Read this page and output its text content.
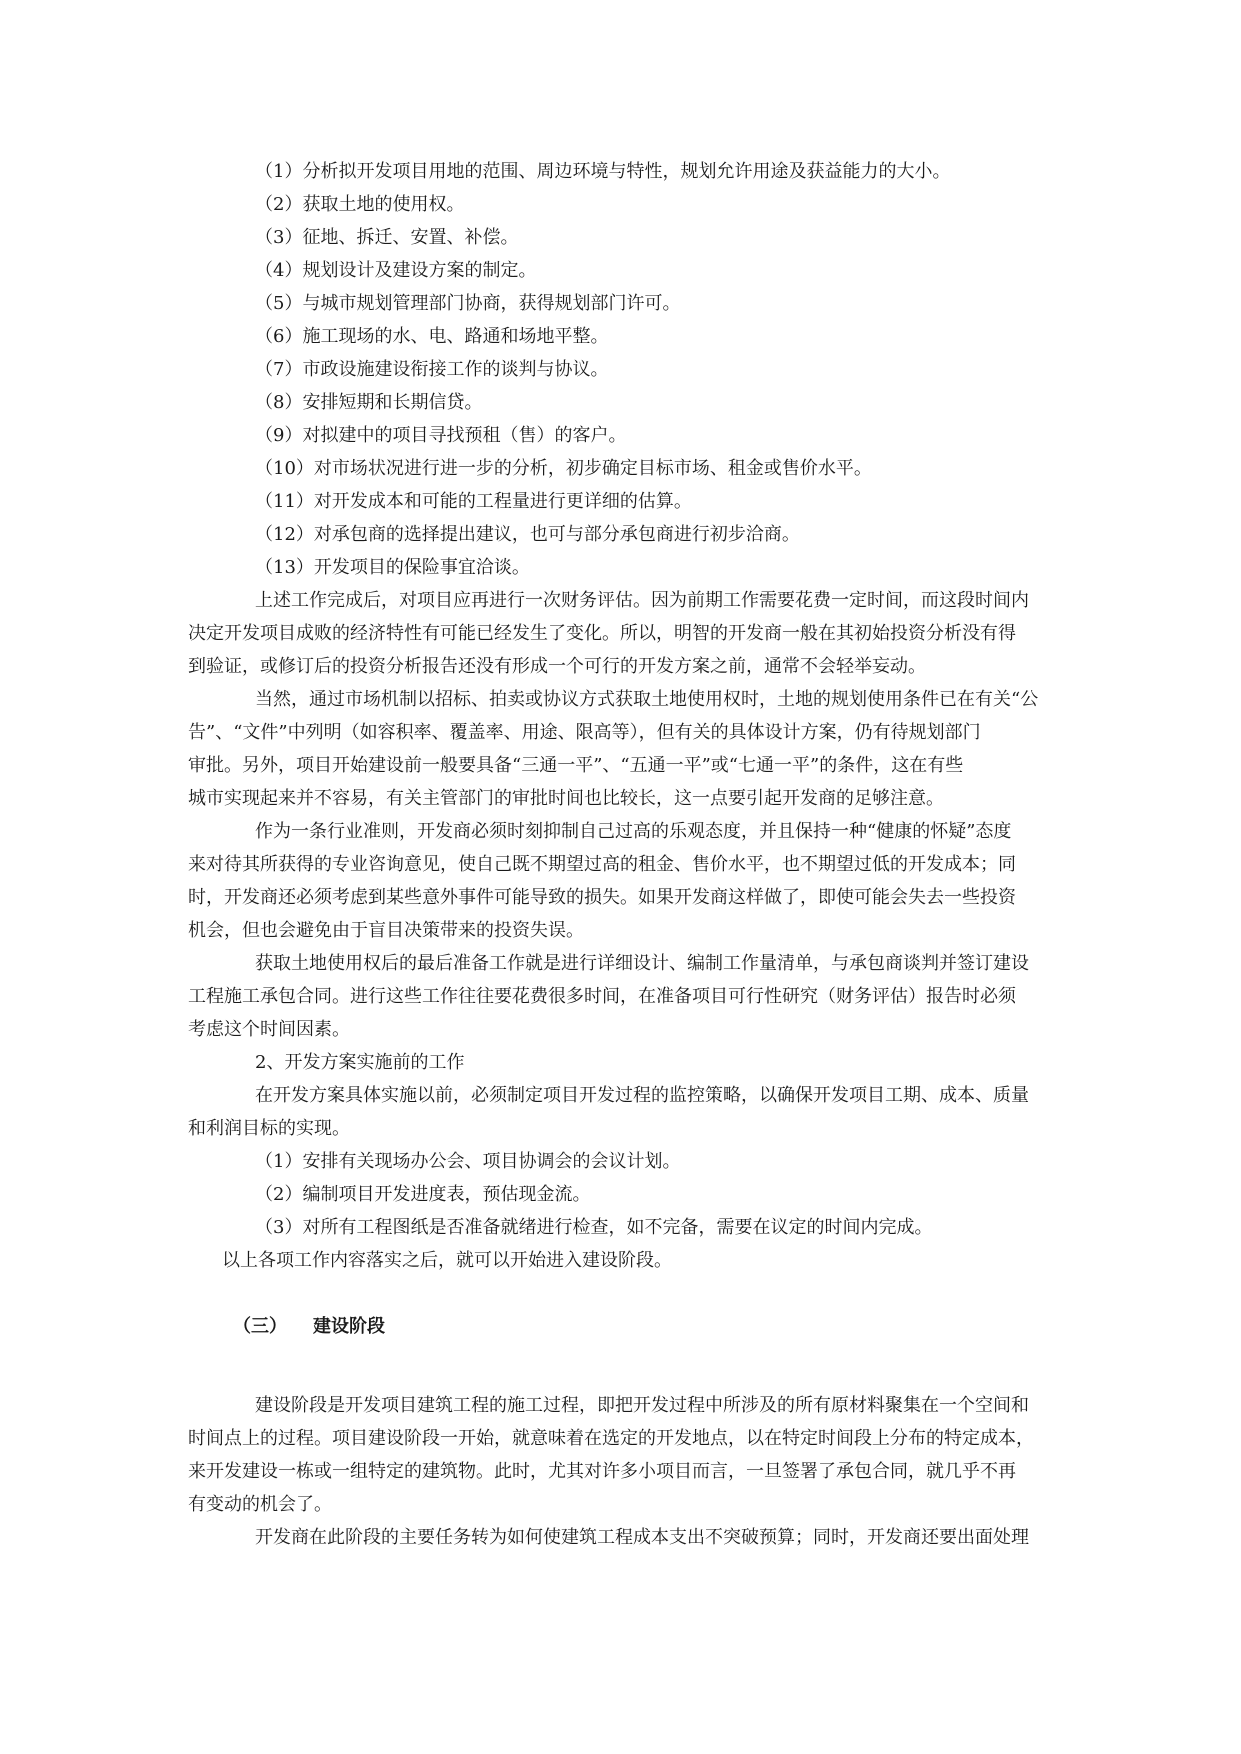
（1）分析拟开发项目用地的范围、周边环境与特性，规划允许用途及获益能力的大小。
（2）获取土地的使用权。
（3）征地、拆迁、安置、补偿。
（4）规划设计及建设方案的制定。
（5）与城市规划管理部门协商，获得规划部门许可。
（6）施工现场的水、电、路通和场地平整。
（7）市政设施建设衔接工作的谈判与协议。
（8）安排短期和长期信贷。
（9）对拟建中的项目寻找预租（售）的客户。
（10）对市场状况进行进一步的分析，初步确定目标市场、租金或售价水平。
（11）对开发成本和可能的工程量进行更详细的估算。
（12）对承包商的选择提出建议，也可与部分承包商进行初步洽商。
（13）开发项目的保险事宜洽谈。
上述工作完成后，对项目应再进行一次财务评估。因为前期工作需要花费一定时间，而这段时间内
决定开发项目成败的经济特性有可能已经发生了变化。所以，明智的开发商一般在其初始投资分析没有得
到验证，或修订后的投资分析报告还没有形成一个可行的开发方案之前，通常不会轻举妄动。
当然，通过市场机制以招标、拍卖或协议方式获取土地使用权时，土地的规划使用条件已在有关“公
告”、“文件”中列明（如容积率、覆盖率、用途、限高等），但有关的具体设计方案，仍有待规划部门
审批。另外，项目开始建设前一般要具备“三通一平”、“五通一平”或“七通一平”的条件，这在有些
城市实现起来并不容易，有关主管部门的审批时间也比较长，这一点要引起开发商的足够注意。
作为一条行业准则，开发商必须时刻抑制自己过高的乐观态度，并且保持一种“健康的怀疑”态度
来对待其所获得的专业咨询意见，使自己既不期望过高的租金、售价水平，也不期望过低的开发成本；同
时，开发商还必须考虑到某些意外事件可能导致的损失。如果开发商这样做了，即使可能会失去一些投资
机会，但也会避免由于盲目决策带来的投资失误。
获取土地使用权后的最后准备工作就是进行详细设计、编制工作量清单，与承包商谈判并签订建设
工程施工承包合同。进行这些工作往往要花费很多时间，在准备项目可行性研究（财务评估）报告时必须
考虑这个时间因素。
2、开发方案实施前的工作
在开发方案具体实施以前，必须制定项目开发过程的监控策略，以确保开发项目工期、成本、质量
和利润目标的实现。
（1）安排有关现场办公会、项目协调会的会议计划。
（2）编制项目开发进度表，预估现金流。
（3）对所有工程图纸是否准备就绪进行检查，如不完备，需要在议定的时间内完成。
以上各项工作内容落实之后，就可以开始进入建设阶段。
（三） 建设阶段
建设阶段是开发项目建筑工程的施工过程，即把开发过程中所涉及的所有原材料聚集在一个空间和
时间点上的过程。项目建设阶段一开始，就意味着在选定的开发地点，以在特定时间段上分布的特定成本，
来开发建设一栋或一组特定的建筑物。此时，尤其对许多小项目而言，一旦签署了承包合同，就几乎不再
有变动的机会了。
开发商在此阶段的主要任务转为如何使建筑工程成本支出不突破预算；同时，开发商还要出面处理
